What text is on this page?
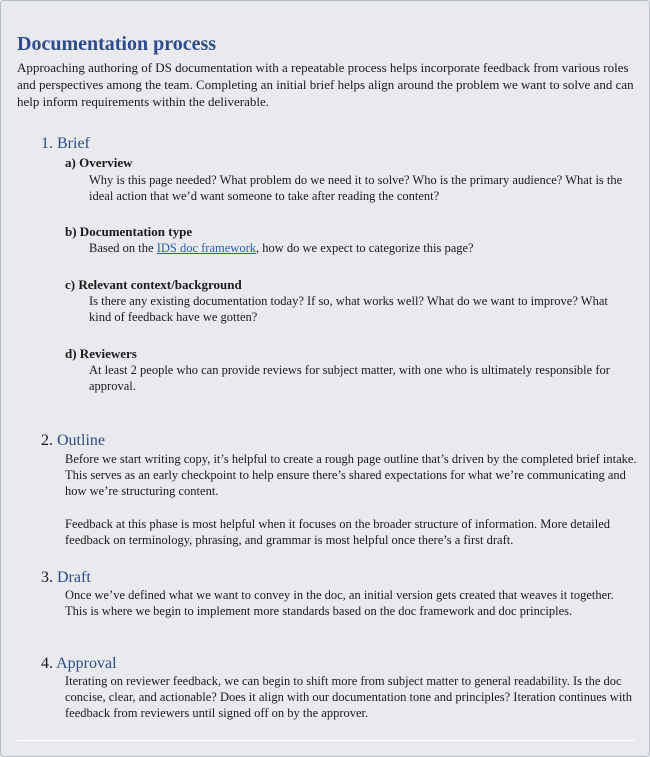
Documentation process

Approaching authoring of DS documentation with a repeatable process helps incorporate feedback from various roles and perspectives among the team. Completing an initial brief helps align around the problem we want to solve and can help inform requirements within the deliverable.

1. Brief
a) Overview

Why is this page needed? What problem do we need it to solve? Who is the primary audience? What is the ideal action that we’d want someone to take after reading the content?

b) Documentation type

Based on the IDS doc framework, how do we expect to categorize this page?

c) Relevant context/background

Is there any existing documentation today? If so, what works well? What do we want to improve? What kind of feedback have we gotten?

d) Reviewers

At least 2 people who can provide reviews for subject matter, with one who is ultimately responsible for approval.

2. Outline

Before we start writing copy, it’s helpful to create a rough page outline that’s driven by the completed brief intake. This serves as an early checkpoint to help ensure there’s shared expectations for what we’re communicating and how we’re structuring content.

Feedback at this phase is most helpful when it focuses on the broader structure of information. More detailed feedback on terminology, phrasing, and grammar is most helpful once there’s a first draft.

3. Draft

Once we’ve defined what we want to convey in the doc, an initial version gets created that weaves it together. This is where we begin to implement more standards based on the doc framework and doc principles.

4. Approval

Iterating on reviewer feedback, we can begin to shift more from subject matter to general readability. Is the doc concise, clear, and actionable? Does it align with our documentation tone and principles? Iteration continues with feedback from reviewers until signed off on by the approver.
